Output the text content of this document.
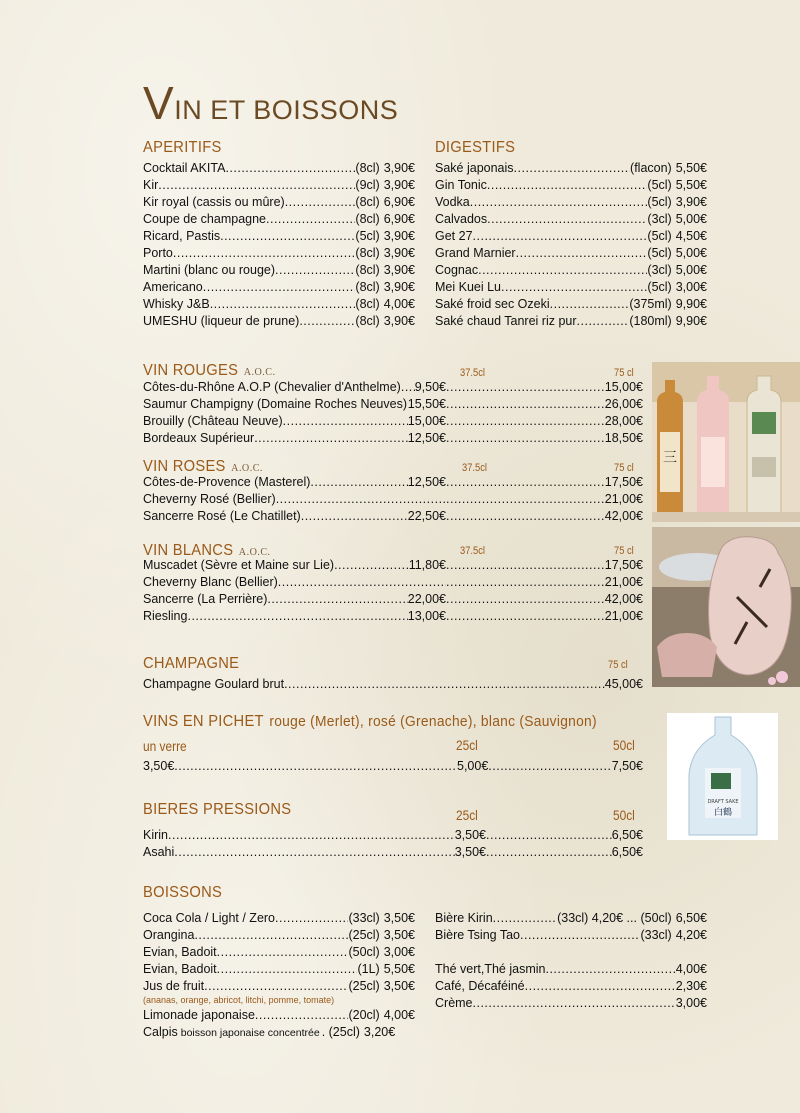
VIN ET BOISSONS
APERITIFS
Cocktail AKITA .....	(8cl) 3,90€
Kir .....	(9cl) 3,90€
Kir royal (cassis ou mûre) .....	(8cl) 6,90€
Coupe de champagne .....	(8cl) 6,90€
Ricard, Pastis .....	(5cl) 3,90€
Porto .....	(8cl) 3,90€
Martini (blanc ou rouge) .....	(8cl) 3,90€
Americano .....	(8cl) 3,90€
Whisky J&B .....	(8cl) 4,00€
UMESHU (liqueur de prune) .....	(8cl) 3,90€
DIGESTIFS
Saké japonais .....	(flacon) 5,50€
Gin Tonic .....	(5cl) 5,50€
Vodka .....	(5cl) 3,90€
Calvados .....	(3cl) 5,00€
Get 27 .....	(5cl) 4,50€
Grand Marnier .....	(5cl) 5,00€
Cognac .....	(3cl) 5,00€
Mei Kuei Lu .....	(5cl) 3,00€
Saké froid sec Ozeki .....	(375ml) 9,90€
Saké chaud Tanrei riz pur .....	(180ml) 9,90€
VIN ROUGES A.O.C.	37.5cl	75 cl
Côtes-du-Rhône A.O.P (Chevalier d'Anthelme) ..... 9,50€ .....	15,00€
Saumur Champigny (Domaine Roches Neuves) ..... 15,50€ .....	26,00€
Brouilly (Château Neuve) .....	15,00€ .....	28,00€
Bordeaux Supérieur .....	12,50€ .....	18,50€
VIN ROSES A.O.C.	37.5cl	75 cl
Côtes-de-Provence (Masterel) .....	12,50€ .....	17,50€
Cheverny Rosé (Bellier) ..... .....	21,00€
Sancerre Rosé (Le Chatillet) .....	22,50€ .....	42,00€
VIN BLANCS A.O.C.	37.5cl	75 cl
Muscadet (Sèvre et Maine sur Lie) .....	11,80€ .....	17,50€
Cheverny Blanc (Bellier) ..... .....	21,00€
Sancerre (La Perrière) .....	22,00€ .....	42,00€
Riesling .....	13,00€ .....	21,00€
CHAMPAGNE	75 cl
Champagne Goulard brut .....	45,00€
VINS EN PICHET rouge (Merlet), rosé (Grenache), blanc (Sauvignon)
un verre	25cl	50cl
3,50€ .....	5,00€ .....	7,50€
BIERES PRESSIONS	25cl	50cl
Kirin .....	3,50€ .....	6,50€
Asahi .....	3,50€ .....	6,50€
BOISSONS
Coca Cola / Light / Zero .....	(33cl) 3,50€
Orangina .....	(25cl) 3,50€
Evian, Badoit .....	(50cl) 3,00€
Evian, Badoit .....	(1L) 5,50€
Jus de fruit .....	(25cl) 3,50€
(ananas, orange, abricot, litchi, pomme, tomate)
Limonade japonaise .....	(20cl) 4,00€
Calpis boisson japonaise concentrée . (25cl) 3,20€
Bière Kirin .....	(33cl) 4,20€ ... (50cl) 6,50€
Bière Tsing Tao .....	(33cl) 4,20€
Thé vert,Thé jasmin .....	4,00€
Café, Décaféiné .....	2,30€
Crème .....	3,00€
三
DRAFT SAKE
白鶴
